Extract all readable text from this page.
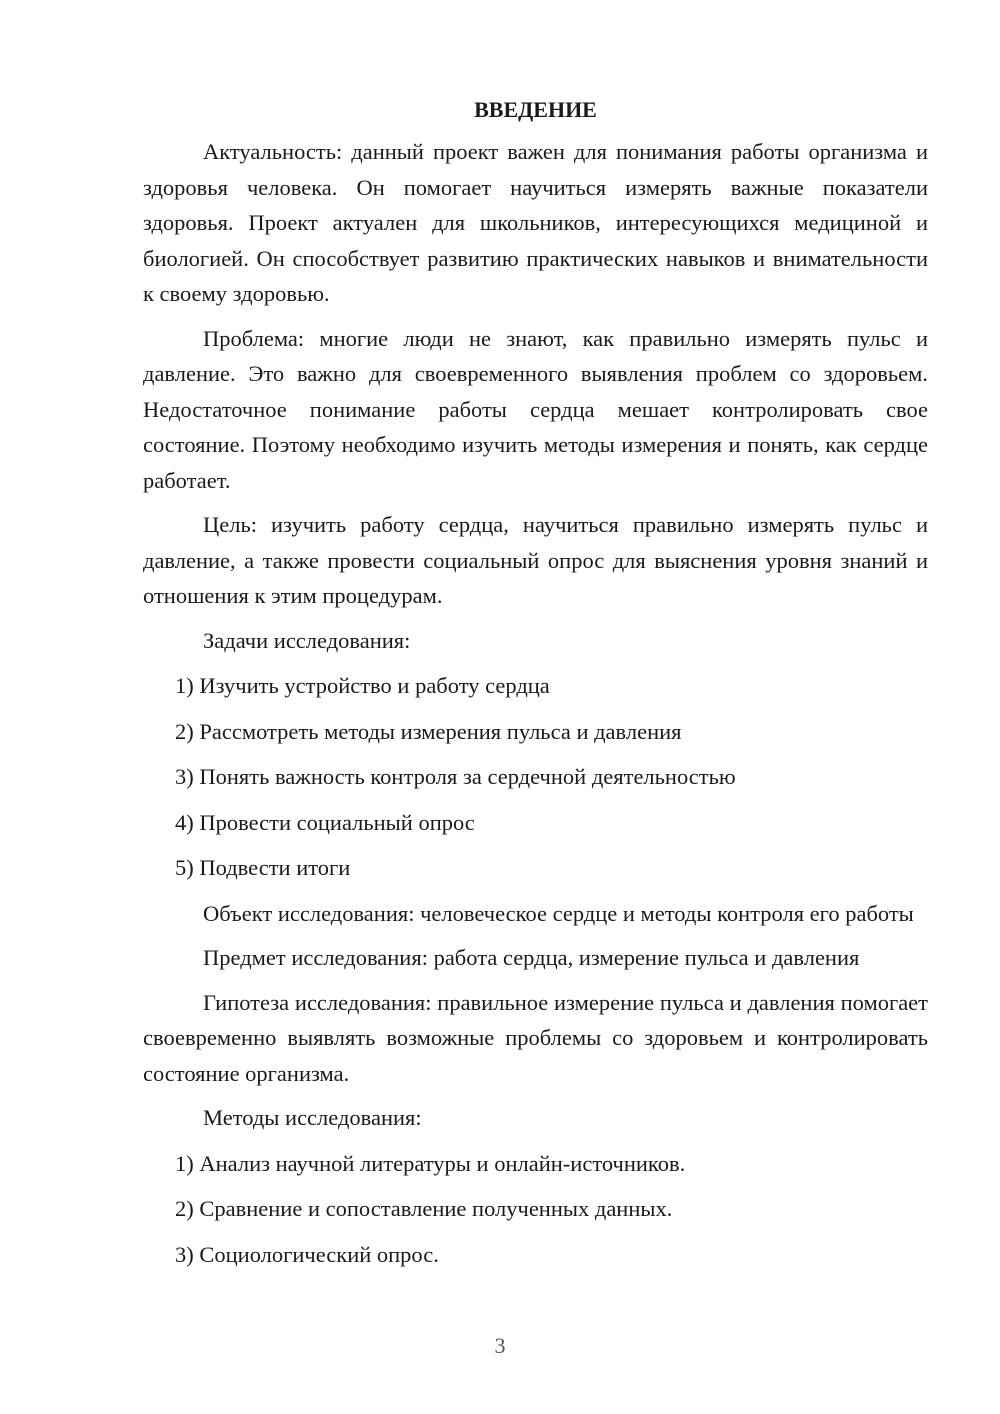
ВВЕДЕНИЕ

Актуальность: данный проект важен для понимания работы организма и здоровья человека. Он помогает научиться измерять важные показатели здоровья. Проект актуален для школьников, интересующихся медициной и биологией. Он способствует развитию практических навыков и внимательности к своему здоровью.

Проблема: многие люди не знают, как правильно измерять пульс и давление. Это важно для своевременного выявления проблем со здоровьем. Недостаточное понимание работы сердца мешает контролировать свое состояние. Поэтому необходимо изучить методы измерения и понять, как сердце работает.

Цель: изучить работу сердца, научиться правильно измерять пульс и давление, а также провести социальный опрос для выяснения уровня знаний и отношения к этим процедурам.

Задачи исследования:

1) Изучить устройство и работу сердца
2) Рассмотреть методы измерения пульса и давления
3) Понять важность контроля за сердечной деятельностью
4) Провести социальный опрос
5) Подвести итоги

Объект исследования: человеческое сердце и методы контроля его работы

Предмет исследования: работа сердца, измерение пульса и давления

Гипотеза исследования: правильное измерение пульса и давления помогает своевременно выявлять возможные проблемы со здоровьем и контролировать состояние организма.

Методы исследования:

1) Анализ научной литературы и онлайн-источников.
2) Сравнение и сопоставление полученных данных.
3) Социологический опрос.
3
